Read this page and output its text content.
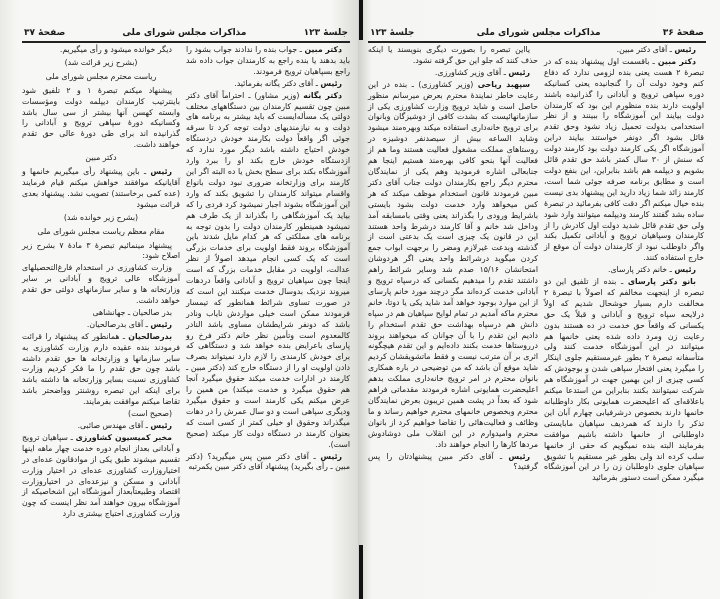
جلسهٔ ۱۲۳
مذاکرات مجلس شورای ملی
صفحهٔ ۳۷

دکتر مبین ـ جواب بنده را ندادند جواب بشود را باید بدهند یا بنده راجع به کارمندان جواب داده شد راجع بسپاهیان ترویج فرمودند.

رئیس ـ آقای دکتر یگانه بفرمائید.

دکتر یگانه (وزیر مشاور) ـ احتراماً آقای دکتر مبین چون تقسیم کارمندان بین دستگاههای مختلف دولتی یک مسأله‌ایست که باید بیشتر به برنامه های دولت و به نیازمندیهای دولت توجه کرد تا سرقه جوئی اگر واقعاً دولت بکارمند خودش دردستگاه خودش احتیاج داشته باشد دیگر مورد ندارد که ازدستگاه خودش خارج بکند او را ببرد وارد آموزشگاه بکند برای سطح بخش یا ده البته اگر این کارمند برای وزارتخانه ضروری نبود دولت بانواع واقسام میتواند کارمندان را تشویق بکند که وارد این آموزشگاه بشوند اجبار نمیشود کرد فردی را که بیاید یک آموزشگاهی را بگذراند از یک طرف هم نمیشود همینطور کارمندان دولت را بدون توجه به برنامه های مملکتی که هر کدام مایل شدند باین آموزشگاه بروند فقط اولویت برای خدمات بزرگی است که یک کسی انجام میدهد اصولاً از نظر عدالت، اولویت در مقابل خدمات بزرگ که است اینجا چون سپاهیان ترویج و آبادانی واقعاً دردهات میروند نزدیک بدوسال خدمت میکنند این است که در صورت تساوی شرائط همانطور که تیمسار فرمودند ممکن است خیلی مواردش نایاب ونادر باشد که دونفر شرایطشان مساوی باشد النادر کالمعدوم است وتأمین نظر خانم دکتر فرخ رو پارسای باعرایض بنده خواهد شد و دستگاهی که برای خودش کارمندی را لازم دارد نمیتواند بصرف دادن اولویت او را از دستگاه خارج کند (دکتر مبین ـ کارمند در ادارات خدمت میکند حقوق میگیرد آنجا هم حقوق میگیرد و خدمت میکند) من همین را عرض میکنم یکی کارمند است و حقوق میگیرد ودیگری سپاهی است و دو سال عمرش را در دهات میگذراند وحقوق او خیلی کمتر از کسی است که بعنوان کارمند در دستگاه دولت کار میکند (صحیح است).

رئیس ـ آقای دکتر مبین پس میگیرید؟ (دکتر مبین ـ رأی بگیرید) پیشنهاد آقای دکتر مبین یکمرتبه

دیگر خوانده میشود و رأی میگیریم.

(بشرح زیر قرائت شد)

ریاست محترم مجلس شورای ملی

پیشنهاد میکنم تبصرهٔ ۱ و ۲ تلفیق شود باینترتیب کارمندان دیپلمه دولت ومؤسسات وابسته کهسن آنها بیشتر از سی سال باشد وکسانیکه دورهٔ سپاهی ترویج و آبادانی را گذرانیده اند برای طی دورهٔ عالی حق تقدم خواهند داشت.

دکتر مبین

رئیس ـ باین پیشنهاد رأی میگیریم خانمها و آقایانیکه موافقند خواهش میکنم قیام فرمایند (عده کمی برخاستند) تصویب نشد. پیشنهاد بعدی قرائت میشود

(بشرح زیر خوانده شد)

مقام معظم ریاست مجلس شورای ملی

پیشنهاد مینمائیم تبصرهٔ ۳ مادهٔ ۷ بشرح زیر اصلاح شود:

وزارت کشاورزی در استخدام فارغ‌التحصیلهای آموزشگاه عالی ترویج و آبادانی بر سایر وزارتخانه ها و سایر سازمانهای دولتی حق تقدم خواهد داشت.

بدر صالحیان ـ جهانشاهی

رئیس ـ آقای بدرصالحیان.

بدرصالحیان ـ همانطور که پیشنهاد را قرائت فرمودند بنده عقیده دارم وزارت کشاورزی به سایر سازمانها و وزارتخانه ها حق تقدم داشته باشد چون حق تقدم را ما فکر کردیم وزارت کشاورزی نسبت بسایر وزارتخانه ها داشته باشد برای اینکه این تبصره روشنتر وواضحتر باشد تقاضا میکنم موافقت بفرمایند.

(صحیح است)

رئیس ـ آقای مهندس صائبی.

مخبر کمیسیون کشاورزی ـ سپاهیان ترویج و آبادانی بعداز انجام دوره خدمت چهار ماهه اینها تقسیم میشوند طبق یکی از موادقانون عده‌ای در اختیاروزارت کشاورزی عده‌ای در اختیار وزارت آبادانی و مسکن و نیزعده‌ای در اختیاروزارت اقتصاد وطبیعتاًبعداز آموزشگاه این اشخاصیکه از آموزشگاه بیرون خواهند آمد نظر اینست که چون وزارت کشاورزی احتیاج بیشتری دارد

صفحهٔ ۳۶
مذاکرات مجلس شورای ملی
جلسهٔ ۱۲۳

رئیس ـ آقای دکتر مبین.

دکتر مبین ـ باقسمت اول پیشنهاد بنده که در تبصرهٔ ۲ هست یعنی بنده لزومی ندارد که دفاع کنم وخود دولت آن را گنجانیده یعنی کسانیکه دوره سپاهی ترویج و آبادانی را گذرانیده باشند اولویت دارند بنده منظورم این بود که کارمندان دولت بیایند این آموزشگاه را ببینند و از نظر استخدامی بدولت تحمیل زیاد نشود وحق تقدم قائل بشود اگر دونفر خواستند بیایند دراین آموزشگاه اگر یکی کارمند دولت بود کارمند دولت که سنش از ۳۰ سال کمتر باشد حق تقدم قائل بشویم و دیپلمه هم باشد بنابراین، این بنفع دولت است و مطابق برنامه صرفه جوئی شما است، کارمند زائد شما زیاد دارید این پیشنهاد بدی نیست بنده خیال میکنم اگر دقت کافی بفرمائید در تبصرهٔ ساده بشد گفتند کارمند ودیپلمه میتوانند وارد شود ولی حق تقدم قائل شدید دولت اول کادرش را از کارمندان وسپاهیان ترویج و آبادانی تکمیل بکند واگر داوطلب نبود از کارمندان دولت آن موقع از خارج استفاده کنند.

رئیس ـ خانم دکتر پارسای.

بانو دکتر پارسای ـ بنده از تلفیق این دو تبصره از اینجهت مخالفم که اصولاً با تبصرهٔ ۲ مخالفت دارم بسیار خوشحال شدیم که اولاً درلایحه سپاه ترویج و آبادانی و قبلاً یک حق یکسانی که واقعاً حق خدمت در ده هستند بدون رعایت زن ومرد داده شده یعنی خانمها هم میتوانند در این آموزشگاه خدمت کنند ولی متأسفانه تبصرهٔ ۲ بطور غیرمستقیم جلوی اینکار را میگیرد یعنی افتخار سپاهی شدن و بوجودش که کسی چیزی از این بهمین جهت در آموزشگاه هم شرکت نمیتوانند بکنند بنابراین من استدعا میکنم باعلاقه‌ای که اعلیحضرت همایونی بکار داوطلبانه خانمها دارند بخصوص درشرفیابی چهارم آبان این تذکر را دارند که همردیف سپاهیان مابایستی داوطلبانی از خانمها داشته باشیم موافقت بفرمایند البته بنده نمیگویم که حقی از خانمها سلب کرده اند ولی بطور غیر مستقیم با تشویق سپاهیان جلوی داوطلبان زن را در این آموزشگاه میگیرد ممکن است دستور بفرمائید

یااین تبصره را بصورت دیگری بنویسند یا اینکه حذف کنند که جلو این حق گرفته نشود.

رئیس ـ آقای وزیر کشاورزی.

سپهبد ریاحی (وزیر کشاورزی) ـ بنده در این رعایت خاطر نمایندهٔ محترم بعرض میرسانم منظور حاصل است و شاید ترویج وزارت کشاورزی یکی از سازمانهائیست که بشدت کافی از دوشیزگان وبانوان برای ترویج خانه‌داری استفاده میکند وبهره‌مند میشود وشاید الساعه بیش از سیصدنفر دوشیزه در روستاهای مملکت مشغول فعالیت هستند وما هم از فعالیت آنها بنحو کافی بهره‌مند هستیم اینجا هم جنابعالی اشاره فرمودید وهم یکی از نمایندگان محترم دیگر راجع بکارمندان دولت جناب آقای دکتر مبین فرمودند قانون استخدام موظف میکند که هر کس میخواهد وارد خدمت دولت بشود بایستی باشرایط ورودی را بگذراند یعنی وقتی بامسابقه آمد وداخل شد خانم و آقا کارمند درشرط واحد هستند این در قانون یک چیزی است یک بدعتی است از گذشته وبدعت غیرلازم ومضر را برجهت ابواب جمع کردن میگوید درشرائط واحد یعنی اگر هردوشان امتحانشان ۱۵/۱۶ صدم شد وسایر شرائط راهم داشتند تقدم را میدهیم بکسانی که درسپاه ترویج و آبادانی خدمت کرده‌اند مگر درچند مورد خانم پارسای از این موارد بوجود خواهد آمد شاید یکی یا دوتا، خانم محترم ماکه آمدیم در تمام لوایح سپاهیان هم در سپاه دانش هم درسپاه بهداشت حق تقدم استخدام را دادیم این تقدم را با آن جوانان که میخواهند بروند درروستاها خدمت بکنند داده‌ایم و این تقدم هیچگونه اثری بر آن مترتب نیست و فقط ماتشویقشان کردیم شاید موقع آن باشد که من توضیحی در باره همکاری بانوان محترم در امر ترویج خانه‌داری مملکت بدهم اعلیحضرت همایونی اشاره فرمودند مقدماتی فراهم شود که بعداً در پشت همین تریبون بعرض نمایندگان محترم وبخصوص خانمهای محترم خواهیم رساند و ما وظائف و فعالیت‌هائی را تقاضا خواهیم کرد از بانوان محترم وامیدوارم در این انقلاب ملی دوشادوش مردها کارها را انجام خواهند داد.

رئیس ـ آقای دکتر مبین پیشنهادتان را پس گرفتید؟
